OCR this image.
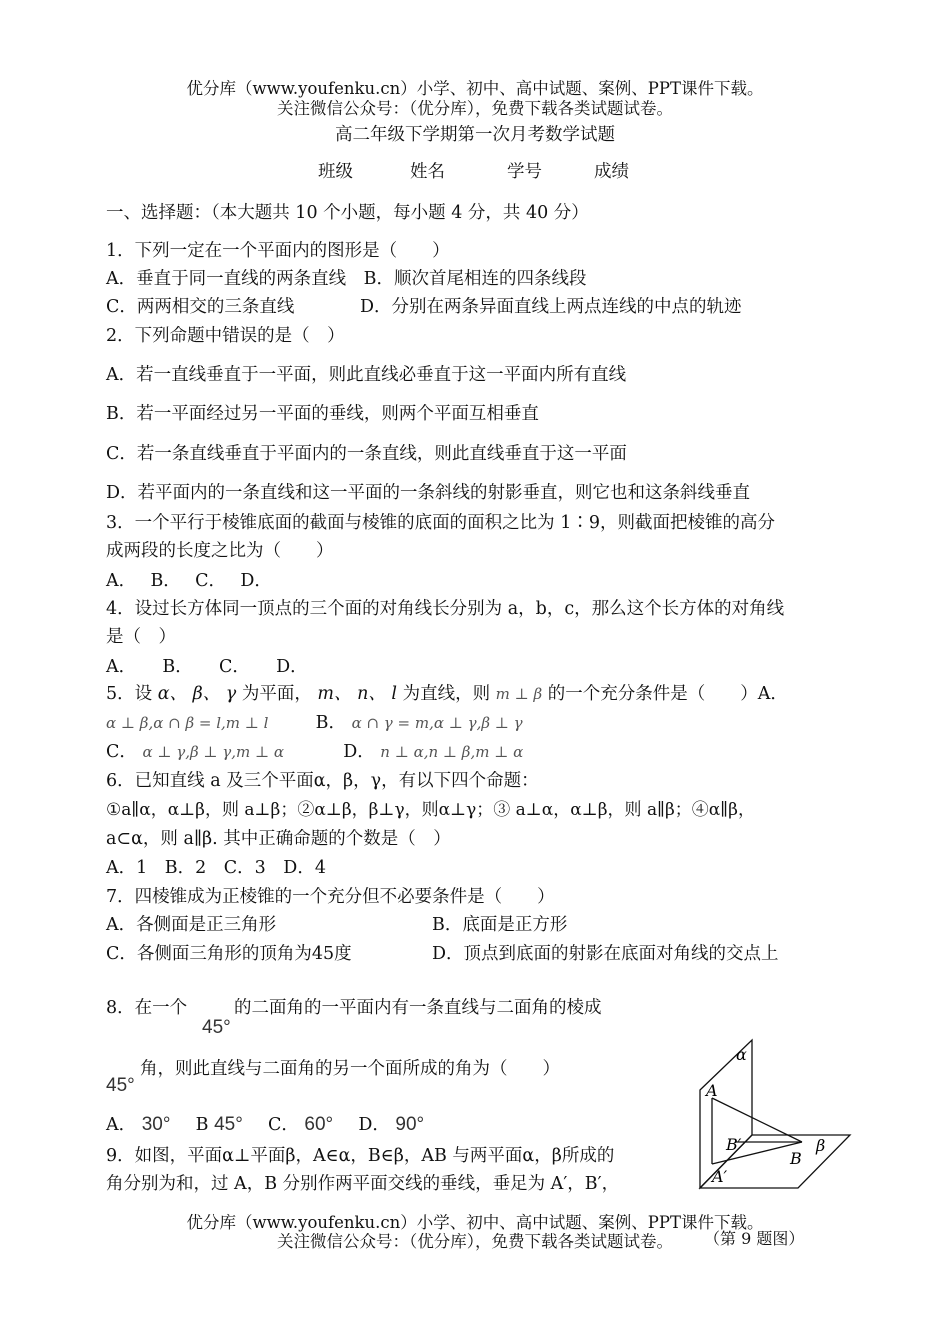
优分库（www.youfenku.cn）小学、初中、高中试题、案例、PPT课件下载。
关注微信公众号：（优分库），免费下载各类试题试卷。
高二年级下学期第一次月考数学试题
班级	姓名	学号	成绩
一、选择题：（本大题共 10 个小题，每小题 4 分，共 40 分）
1．下列一定在一个平面内的图形是（　　）
A．垂直于同一直线的两条直线　B．顺次首尾相连的四条线段
C．两两相交的三条直线	D．分别在两条异面直线上两点连线的中点的轨迹
2．下列命题中错误的是（　）
A．若一直线垂直于一平面，则此直线必垂直于这一平面内所有直线
B．若一平面经过另一平面的垂线，则两个平面互相垂直
C．若一条直线垂直于平面内的一条直线，则此直线垂直于这一平面
D．若平面内的一条直线和这一平面的一条斜线的射影垂直，则它也和这条斜线垂直
3．一个平行于棱锥底面的截面与棱锥的底面的面积之比为 1∶9，则截面把棱锥的高分
成两段的长度之比为（　　）
A．　 B．　 C．　 D．
4．设过长方体同一顶点的三个面的对角线长分别为 a，b，c，那么这个长方体的对角线
是（　）
A．　　B．　　C．　　D．
5．设 α、 β、 γ 为平面， m、 n、 l 为直线，则 m ⊥ β 的一个充分条件是（　　）A．
α ⊥ β,α ∩ β = l,m ⊥ l	B． α ∩ γ = m,α ⊥ γ,β ⊥ γ
C． α ⊥ γ,β ⊥ γ,m ⊥ α	D． n ⊥ α,n ⊥ β,m ⊥ α
6．已知直线 a 及三个平面α，β，γ，有以下四个命题：
①a∥α，α⊥β，则 a⊥β；②α⊥β，β⊥γ，则α⊥γ；③ a⊥α，α⊥β，则 a∥β；④α∥β，
a⊂α，则 a∥β. 其中正确命题的个数是（　）
A．1　B．2　C．3　D．4
7．四棱锥成为正棱锥的一个充分但不必要条件是（　　）
A．各侧面是正三角形	B．底面是正方形
C．各侧面三角形的顶角为45度	D．顶点到底面的射影在底面对角线的交点上
8．在一个	的二面角的一平面内有一条直线与二面角的棱成
45°
角，则此直线与二面角的另一个面所成的角为（　　）
45°
A． 30° B 45° C． 60° D． 90°
9．如图，平面α⊥平面β，A∈α，B∈β，AB 与两平面α，β所成的
角分别为和，过 A，B 分别作两平面交线的垂线，垂足为 A′，B′，
α
A
B′	β
B
A′
优分库（www.youfenku.cn）小学、初中、高中试题、案例、PPT课件下载。
关注微信公众号：（优分库），免费下载各类试题试卷。	（第 9 题图）
